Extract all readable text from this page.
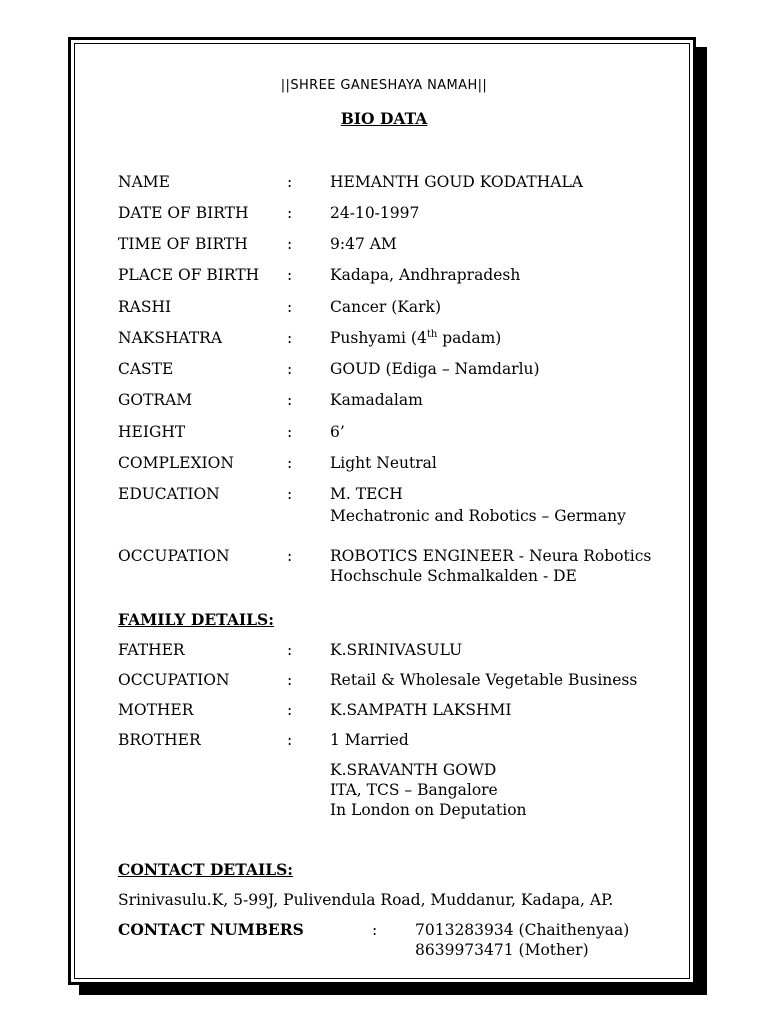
||SHREE GANESHAYA NAMAH||
BIO DATA
NAME	: HEMANTH GOUD KODATHALA
DATE OF BIRTH : 24-10-1997
TIME OF BIRTH	: 9:47 AM
PLACE OF BIRTH : Kadapa, Andhrapradesh
RASHI	: Cancer (Kark)
NAKSHATRA	: Pushyami (4th padam)
CASTE	: GOUD (Ediga – Namdarlu)
GOTRAM	: Kamadalam
HEIGHT	: 6’
COMPLEXION	: Light Neutral
EDUCATION	: M. TECH
Mechatronic and Robotics – Germany
OCCUPATION	: ROBOTICS ENGINEER - Neura Robotics
Hochschule Schmalkalden - DE
FAMILY DETAILS:
FATHER	: K.SRINIVASULU
OCCUPATION	: Retail & Wholesale Vegetable Business
MOTHER	: K.SAMPATH LAKSHMI
BROTHER	: 1 Married
K.SRAVANTH GOWD
ITA, TCS – Bangalore
In London on Deputation
CONTACT DETAILS:
Srinivasulu.K, 5-99J, Pulivendula Road, Muddanur, Kadapa, AP.
CONTACT NUMBERS	: 7013283934 (Chaithenyaa)
8639973471 (Mother)
